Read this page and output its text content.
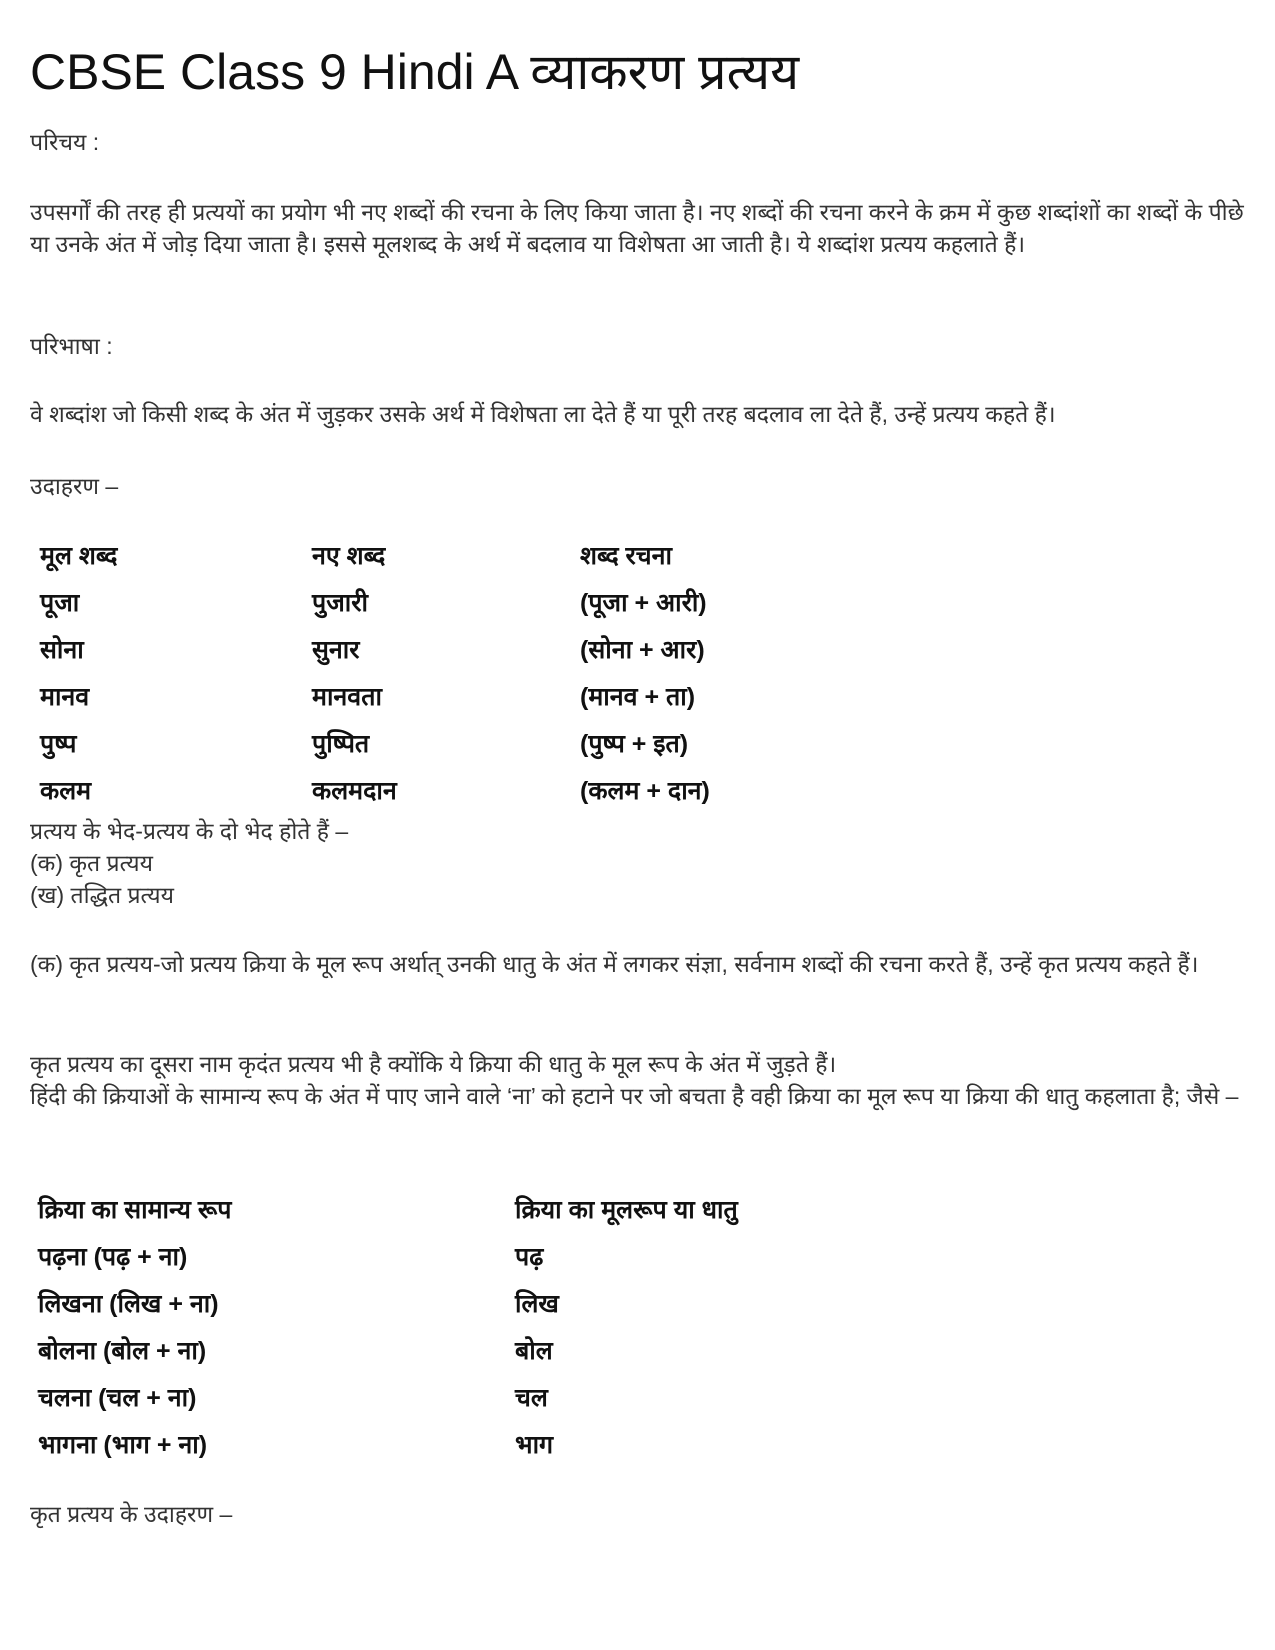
CBSE Class 9 Hindi A व्याकरण प्रत्यय
परिचय :
उपसर्गों की तरह ही प्रत्ययों का प्रयोग भी नए शब्दों की रचना के लिए किया जाता है। नए शब्दों की रचना करने के क्रम में कुछ शब्दांशों का शब्दों के पीछे या उनके अंत में जोड़ दिया जाता है। इससे मूलशब्द के अर्थ में बदलाव या विशेषता आ जाती है। ये शब्दांश प्रत्यय कहलाते हैं।
परिभाषा :
वे शब्दांश जो किसी शब्द के अंत में जुड़कर उसके अर्थ में विशेषता ला देते हैं या पूरी तरह बदलाव ला देते हैं, उन्हें प्रत्यय कहते हैं।
उदाहरण –
मूल शब्द	नए शब्द	शब्द रचना
पूजा	पुजारी	(पूजा + आरी)
सोना	सुनार	(सोना + आर)
मानव	मानवता	(मानव + ता)
पुष्प	पुष्पित	(पुष्प + इत)
कलम	कलमदान	(कलम + दान)
प्रत्यय के भेद-प्रत्यय के दो भेद होते हैं –
(क) कृत प्रत्यय
(ख) तद्धित प्रत्यय
(क) कृत प्रत्यय-जो प्रत्यय क्रिया के मूल रूप अर्थात् उनकी धातु के अंत में लगकर संज्ञा, सर्वनाम शब्दों की रचना करते हैं, उन्हें कृत प्रत्यय कहते हैं।
कृत प्रत्यय का दूसरा नाम कृदंत प्रत्यय भी है क्योंकि ये क्रिया की धातु के मूल रूप के अंत में जुड़ते हैं।
हिंदी की क्रियाओं के सामान्य रूप के अंत में पाए जाने वाले ‘ना’ को हटाने पर जो बचता है वही क्रिया का मूल रूप या क्रिया की धातु कहलाता है; जैसे –
क्रिया का सामान्य रूप	क्रिया का मूलरूप या धातु
पढ़ना (पढ़ + ना)	पढ़
लिखना (लिख + ना)	लिख
बोलना (बोल + ना)	बोल
चलना (चल + ना)	चल
भागना (भाग + ना)	भाग
कृत प्रत्यय के उदाहरण –
